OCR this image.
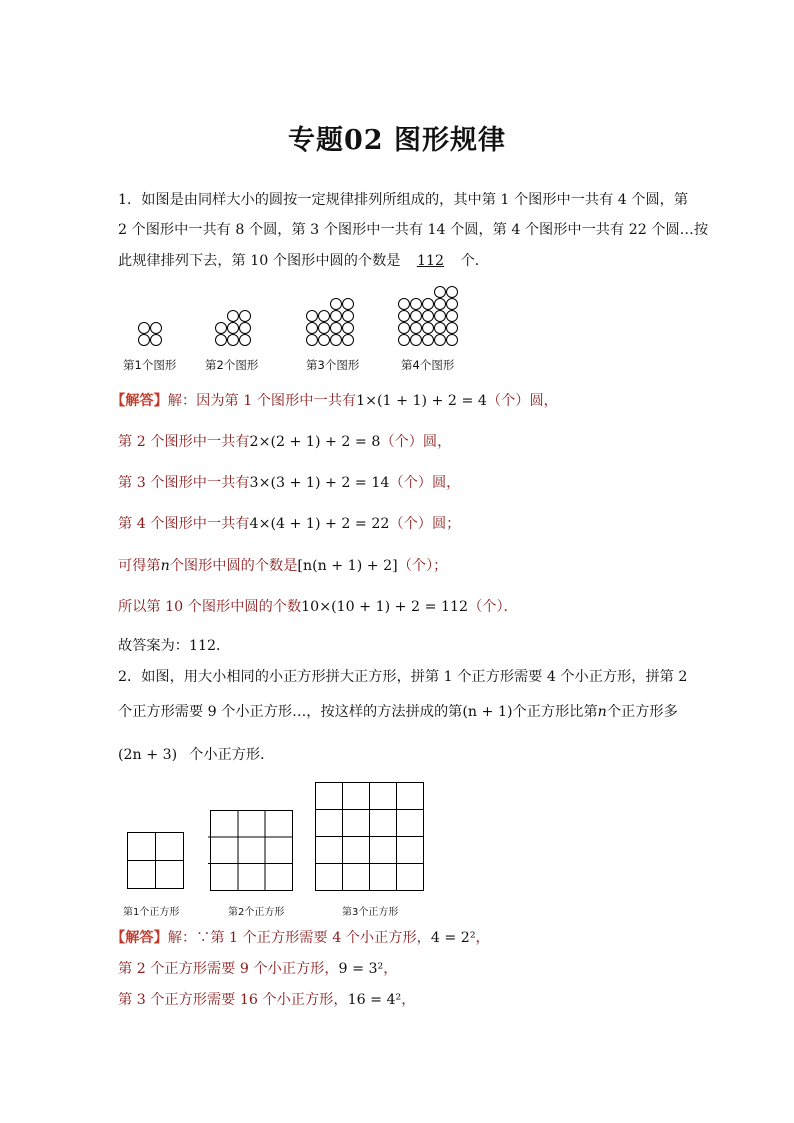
专题02 图形规律
1．如图是由同样大小的圆按一定规律排列所组成的，其中第 1 个图形中一共有 4 个圆，第
2 个图形中一共有 8 个圆，第 3 个图形中一共有 14 个圆，第 4 个图形中一共有 22 个圆…按
此规律排列下去，第 10 个图形中圆的个数是 112 个．
第1个图形 第2个图形	第3个图形	第4个图形
【解答】解：因为第 1 个图形中一共有1×(1 + 1) + 2 = 4（个）圆，
第 2 个图形中一共有2×(2 + 1) + 2 = 8（个）圆，
第 3 个图形中一共有3×(3 + 1) + 2 = 14（个）圆，
第 4 个图形中一共有4×(4 + 1) + 2 = 22（个）圆；
可得第n个图形中圆的个数是[n(n + 1) + 2]（个）；
所以第 10 个图形中圆的个数10×(10 + 1) + 2 = 112（个）．
故答案为：112．
2．如图，用大小相同的小正方形拼大正方形，拼第 1 个正方形需要 4 个小正方形，拼第 2
个正方形需要 9 个小正方形…，按这样的方法拼成的第(n + 1)个正方形比第n个正方形多
(2n + 3) 个小正方形．
第1个正方形	第2个正方形	第3个正方形
【解答】解：∵第 1 个正方形需要 4 个小正方形，4 = 2²，
第 2 个正方形需要 9 个小正方形，9 = 3²，
第 3 个正方形需要 16 个小正方形，16 = 4²，
